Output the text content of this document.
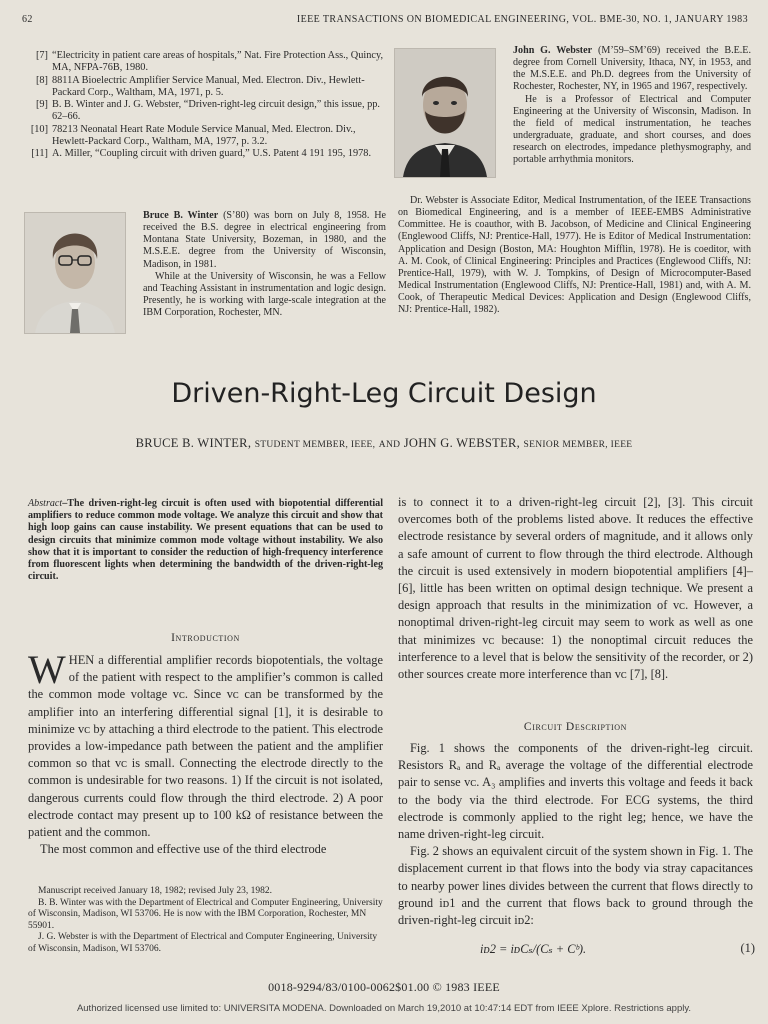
62	IEEE TRANSACTIONS ON BIOMEDICAL ENGINEERING, VOL. BME-30, NO. 1, JANUARY 1983
[7] “Electricity in patient care areas of hospitals,” Nat. Fire Protection Ass., Quincy, MA, NFPA-76B, 1980.
[8] 8811A Bioelectric Amplifier Service Manual, Med. Electron. Div., Hewlett-Packard Corp., Waltham, MA, 1971, p. 5.
[9] B. B. Winter and J. G. Webster, “Driven-right-leg circuit design,” this issue, pp. 62–66.
[10] 78213 Neonatal Heart Rate Module Service Manual, Med. Electron. Div., Hewlett-Packard Corp., Waltham, MA, 1977, p. 3.2.
[11] A. Miller, “Coupling circuit with driven guard,” U.S. Patent 4 191 195, 1978.

John G. Webster (M’59–SM’69) received the B.E.E. degree from Cornell University, Ithaca, NY, in 1953, and the M.S.E.E. and Ph.D. degrees from the University of Rochester, Rochester, NY, in 1965 and 1967, respectively.

He is a Professor of Electrical and Computer Engineering at the University of Wisconsin, Madison. In the field of medical instrumentation, he teaches undergraduate, graduate, and short courses, and does research on electrodes, impedance plethysmography, and portable arrhythmia monitors.

Dr. Webster is Associate Editor, Medical Instrumentation, of the IEEE Transactions on Biomedical Engineering, and is a member of IEEE-EMBS Administrative Committee. He is coauthor, with B. Jacobson, of Medicine and Clinical Engineering (Englewood Cliffs, NJ: Prentice-Hall, 1977). He is Editor of Medical Instrumentation: Application and Design (Boston, MA: Houghton Mifflin, 1978). He is coeditor, with A. M. Cook, of Clinical Engineering: Principles and Practices (Englewood Cliffs, NJ: Prentice-Hall, 1979), with W. J. Tompkins, of Design of Microcomputer-Based Medical Instrumentation (Englewood Cliffs, NJ: Prentice-Hall, 1981) and, with A. M. Cook, of Therapeutic Medical Devices: Application and Design (Englewood Cliffs, NJ: Prentice-Hall, 1982).

Bruce B. Winter (S’80) was born on July 8, 1958. He received the B.S. degree in electrical engineering from Montana State University, Bozeman, in 1980, and the M.S.E.E. degree from the University of Wisconsin, Madison, in 1981.

While at the University of Wisconsin, he was a Fellow and Teaching Assistant in instrumentation and logic design. Presently, he is working with large-scale integration at the IBM Corporation, Rochester, MN.

Driven-Right-Leg Circuit Design
BRUCE B. WINTER, STUDENT MEMBER, IEEE, AND JOHN G. WEBSTER, SENIOR MEMBER, IEEE
Abstract–The driven-right-leg circuit is often used with biopotential differential amplifiers to reduce common mode voltage. We analyze this circuit and show that high loop gains can cause instability. We present equations that can be used to design circuits that minimize common mode voltage without instability. We also show that it is important to consider the reduction of high-frequency interference from fluorescent lights when determining the bandwidth of the driven-right-leg circuit.
Introduction

WHEN a differential amplifier records biopotentials, the voltage of the patient with respect to the amplifier’s common is called the common mode voltage vᴄ. Since vᴄ can be transformed by the amplifier into an interfering differential signal [1], it is desirable to minimize vᴄ by attaching a third electrode to the patient. This electrode provides a low-impedance path between the patient and the amplifier common so that vᴄ is small. Connecting the electrode directly to the common is undesirable for two reasons. 1) If the circuit is not isolated, dangerous currents could flow through the third electrode. 2) A poor electrode contact may present up to 100 kΩ of resistance between the patient and the common.

The most common and effective use of the third electrode

Manuscript received January 18, 1982; revised July 23, 1982.

B. B. Winter was with the Department of Electrical and Computer Engineering, University of Wisconsin, Madison, WI 53706. He is now with the IBM Corporation, Rochester, MN 55901.

J. G. Webster is with the Department of Electrical and Computer Engineering, University of Wisconsin, Madison, WI 53706.

is to connect it to a driven-right-leg circuit [2], [3]. This circuit overcomes both of the problems listed above. It reduces the effective electrode resistance by several orders of magnitude, and it allows only a safe amount of current to flow through the third electrode. Although the circuit is used extensively in modern biopotential amplifiers [4]–[6], little has been written on optimal design technique. We present a design approach that results in the minimization of vᴄ. However, a nonoptimal driven-right-leg circuit may seem to work as well as one that minimizes vᴄ because: 1) the nonoptimal circuit reduces the interference to a level that is below the sensitivity of the recorder, or 2) other sources create more interference than vᴄ [7], [8].

Circuit Description

Fig. 1 shows the components of the driven-right-leg circuit. Resistors Rₐ and Rₐ average the voltage of the differential electrode pair to sense vᴄ. A₃ amplifies and inverts this voltage and feeds it back to the body via the third electrode. For ECG systems, the third electrode is commonly applied to the right leg; hence, we have the name driven-right-leg circuit.

Fig. 2 shows an equivalent circuit of the system shown in Fig. 1. The displacement current iᴅ that flows into the body via stray capacitances to nearby power lines divides between the current that flows directly to ground iᴅ1 and the current that flows back to ground through the driven-right-leg circuit iᴅ2:

iᴅ2 = iᴅCₛ/(Cₛ + Cᵇ).	(1)
0018-9294/83/0100-0062$01.00 © 1983 IEEE
Authorized licensed use limited to: UNIVERSITA MODENA. Downloaded on March 19,2010 at 10:47:14 EDT from IEEE Xplore. Restrictions apply.
